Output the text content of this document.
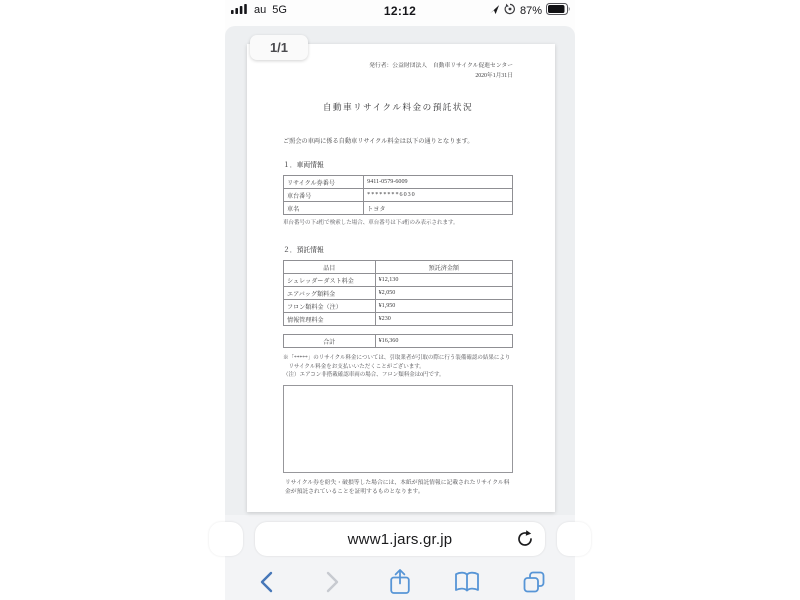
au 5G	12:12	87%
1/1

発行者：公益財団法人　自動車リサイクル促進センター

2020年1月31日

自動車リサイクル料金の預託状況

ご照会の車両に係る自動車リサイクル料金は以下の通りとなります。

１．車両情報

リサイクル券番号	9411-0579-6009
車台番号	********6030
車名	トヨタ

車台番号の下4桁で検索した場合、車台番号は下4桁のみ表示されます。

２．預託情報

品目	預託済金額
シュレッダーダスト料金	¥12,130
エアバッグ類料金	¥2,050
フロン類料金（注）	¥1,950
情報管理料金	¥230
合計	¥16,360

※「*****」のリサイクル料金については、引取業者が引取の際に行う装備確認の結果により

　リサイクル料金をお支払いいただくことがございます。

（注）エアコン非搭載確認車両の場合、フロン類料金は0円です。

リサイクル券を紛失・破損等した場合には、本紙が預託情報に記載されたリサイクル料金が預託されていることを証明するものとなります。

www1.jars.gr.jp
